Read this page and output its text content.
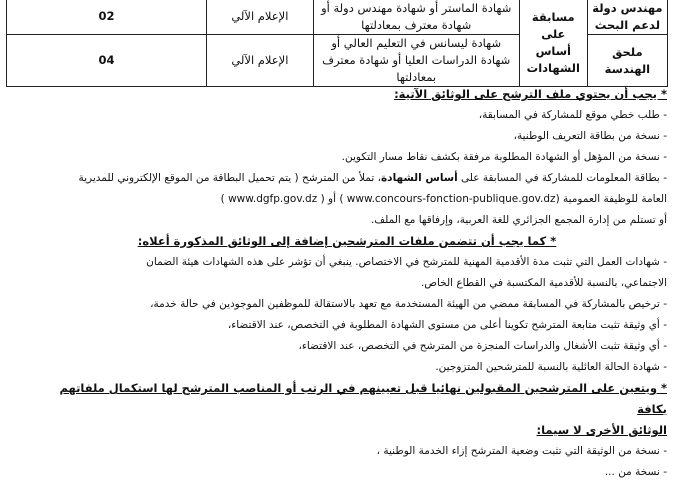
مهندس دولة لدعم البحث	مسابقة على أساس الشهادات	شهادة الماستر أو شهادة مهندس دولة أو شهادة معترف بمعادلتها	الإعلام الآلي	02
ملحق الهندسة		شهادة ليسانس في التعليم العالي أو شهادة الدراسات العليا أو شهادة معترف بمعادلتها	الإعلام الآلي	04
* يجب أن يحتوي ملف الترشح على الوثائق الآتية:
- طلب خطي موقع للمشاركة في المسابقة،
- نسخة من بطاقة التعريف الوطنية،
- نسخة من المؤهل أو الشهادة المطلوبة مرفقة بكشف نقاط مسار التكوين.
- بطاقة المعلومات للمشاركة في المسابقة على أساس الشهادة، تملأ من المترشح ( يتم تحميل البطاقة من الموقع الإلكتروني للمديرية
العامة للوظيفة العمومية (www.concours-fonction-publique.gov.dz ) أو ( www.dgfp.gov.dz )
أو تستلم من إدارة المجمع الجزائري للغة العربية، وإرفاقها مع الملف.
* كما يجب أن تتضمن ملفات المترشحين إضافة إلى الوثائق المذكورة أعلاه:
- شهادات العمل التي تثبت مدة الأقدمية المهنية للمترشح في الاختصاص. ينبغي أن تؤشر على هذه الشهادات هيئة الضمان
الاجتماعي، بالنسبة للأقدمية المكتسبة في القطاع الخاص.
- ترخيص بالمشاركة في المسابقة ممضي من الهيئة المستخدمة مع تعهد بالاستقالة للموظفين الموجودين في حالة خدمة،
- أي وثيقة تثبت متابعة المترشح تكوينا أعلى من مستوى الشهادة المطلوبة في التخصص، عند الاقتضاء،
- أي وثيقة تثبت الأشغال والدراسات المنجزة من المترشح في التخصص، عند الاقتضاء،
- شهادة الحالة العائلية بالنسبة للمترشحين المتزوجين.
* ويتعين على المترشحين المقبولين نهائيا قبل تعيينهم في الرتب أو المناصب المترشح لها استكمال ملفاتهم بكافة
الوثائق الأخرى لا سيما:
- نسخة من الوثيقة التي تثبت وضعية المترشح إزاء الخدمة الوطنية ،
- نسخة من ...
